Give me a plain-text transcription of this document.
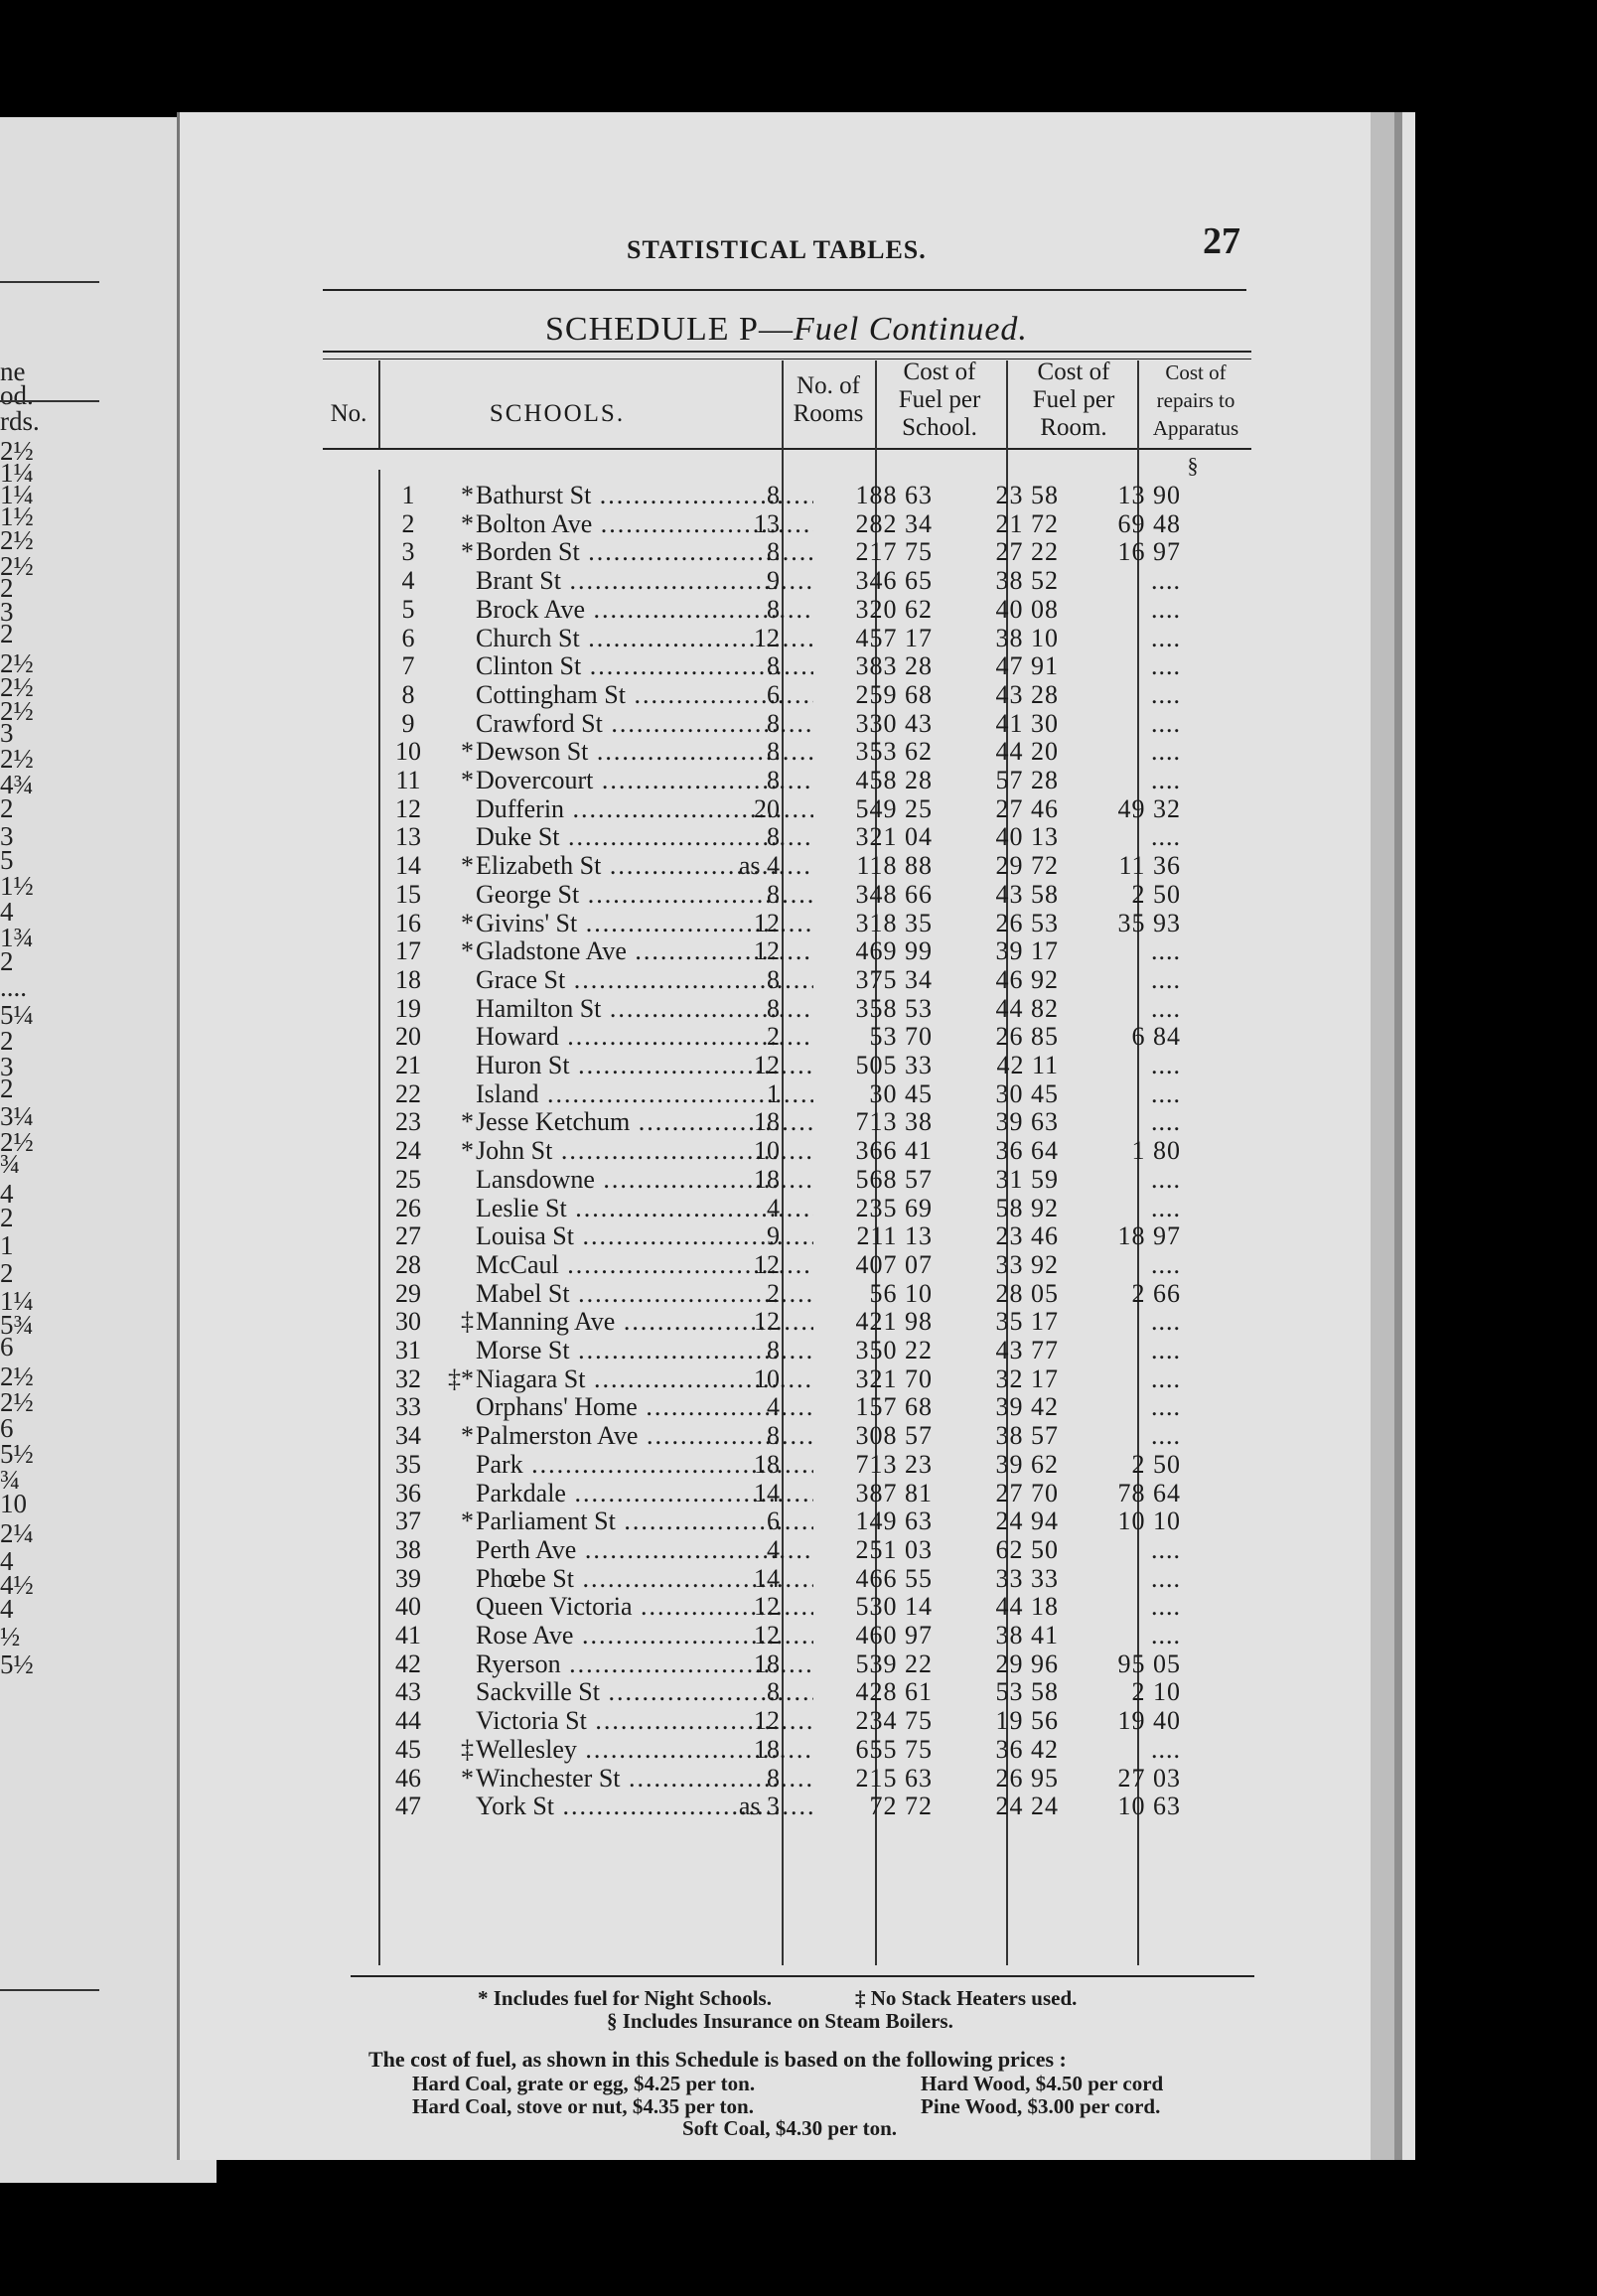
ne
od.
rds.
2½
1¼
1¼
1½
2½
2½
2
3
2
2½
2½
2½
3
2½
4¾
2
3
5
1½
4
1¾
2
....
5¼
2
3
2
3¼
2½
¾
4
2
1
2
1¼
5¾
6
2½
2½
6
5½
¾
10
2¼
4
4½
4
½
5½
STATISTICAL TABLES.	27
SCHEDULE P—Fuel Continued.
No.	SCHOOLS.
No. of
Rooms
Cost of
Fuel per
School.
Cost of
Fuel per
Room.
Cost of
repairs to
Apparatus
§
1	* Bathurst St .....	8	188 63	23 58	13 90
2	* Bolton Ave .....	13	282 34	21 72	69 48
3	* Borden St .....	8	217 75	27 22	16 97
4	Brant St .....	9	346 65	38 52	....
5	Brock Ave .....	8	320 62	40 08	....
6	Church St .....	12	457 17	38 10	....
7	Clinton St .....	8	383 28	47 91	....
8	Cottingham St .....	6	259 68	43 28	....
9	Crawford St .....	8	330 43	41 30	....
10	* Dewson St .....	8	353 62	44 20	....
11	* Dovercourt .....	8	458 28	57 28	....
12	Dufferin .....	20	549 25	27 46	49 32
13	Duke St .....	8	321 04	40 13	....
14	* Elizabeth St .....	as 4	118 88	29 72	11 36
15	George St .....	8	348 66	43 58	2 50
16	* Givins' St .....	12	318 35	26 53	35 93
17	* Gladstone Ave .....	12	469 99	39 17	....
18	Grace St .....	8	375 34	46 92	....
19	Hamilton St .....	8	358 53	44 82	....
20	Howard .....	2	53 70	26 85	6 84
21	Huron St .....	12	505 33	42 11	....
22	Island .....	1	30 45	30 45	....
23	* Jesse Ketchum .....	18	713 38	39 63	....
24	* John St .....	10	366 41	36 64	1 80
25	Lansdowne .....	18	568 57	31 59	....
26	Leslie St .....	4	235 69	58 92	....
27	Louisa St .....	9	211 13	23 46	18 97
28	McCaul .....	12	407 07	33 92	....
29	Mabel St .....	2	56 10	28 05	2 66
30	‡ Manning Ave .....	12	421 98	35 17	....
31	Morse St .....	8	350 22	43 77	....
32	‡* Niagara St .....	10	321 70	32 17	....
33	Orphans' Home .....	4	157 68	39 42	....
34	* Palmerston Ave .....	8	308 57	38 57	....
35	Park .....	18	713 23	39 62	2 50
36	Parkdale .....	14	387 81	27 70	78 64
37	* Parliament St .....	6	149 63	24 94	10 10
38	Perth Ave .....	4	251 03	62 50	....
39	Phœbe St .....	14	466 55	33 33	....
40	Queen Victoria .....	12	530 14	44 18	....
41	Rose Ave .....	12	460 97	38 41	....
42	Ryerson .....	18	539 22	29 96	95 05
43	Sackville St .....	8	428 61	53 58	2 10
44	Victoria St .....	12	234 75	19 56	19 40
45	‡ Wellesley .....	18	655 75	36 42	....
46	* Winchester St .....	8	215 63	26 95	27 03
47	York St .....	as 3	72 72	24 24	10 63
* Includes fuel for Night Schools.	‡ No Stack Heaters used.
§ Includes Insurance on Steam Boilers.
The cost of fuel, as shown in this Schedule is based on the following prices :
Hard Coal, grate or egg, $4.25 per ton.	Hard Wood, $4.50 per cord
Hard Coal, stove or nut, $4.35 per ton.	Pine Wood, $3.00 per cord.
Soft Coal, $4.30 per ton.
